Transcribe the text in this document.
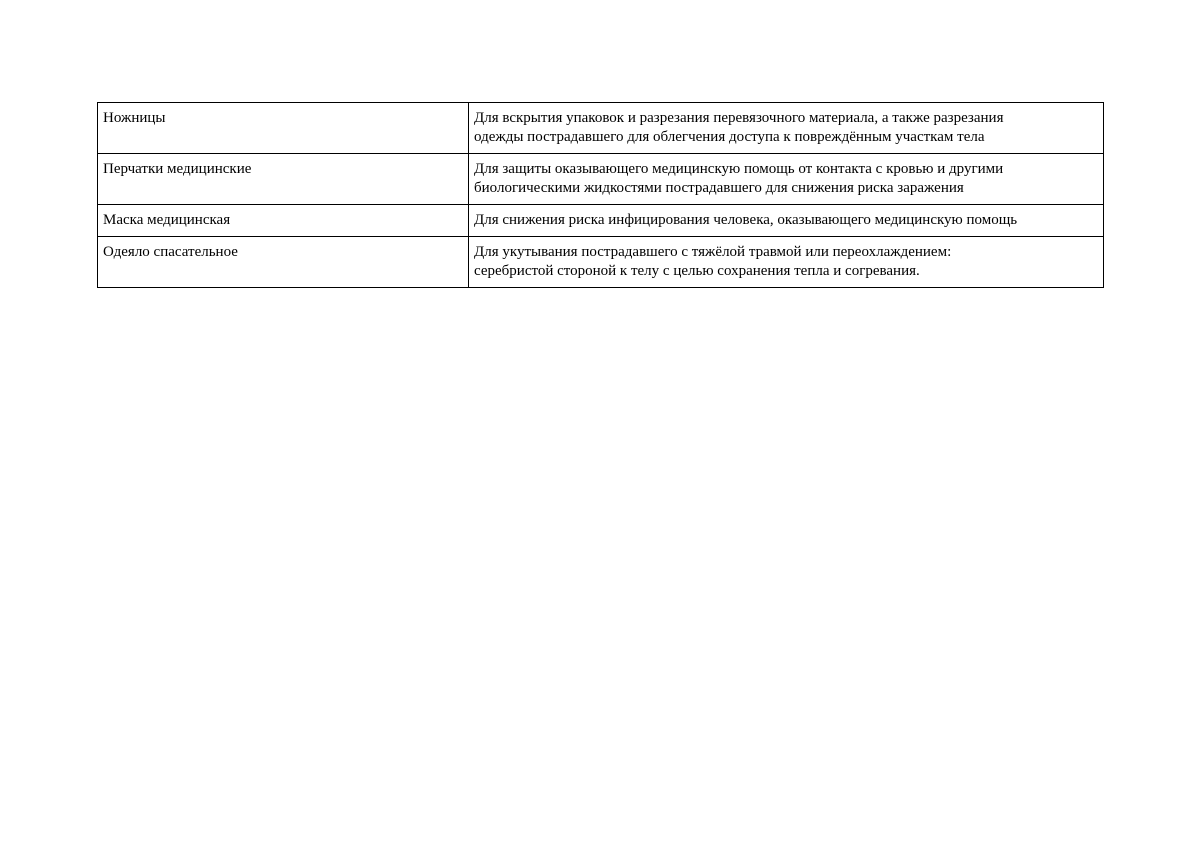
Ножницы	Для вскрытия упаковок и разрезания перевязочного материала, а также разрезания
одежды пострадавшего для облегчения доступа к повреждённым участкам тела
Перчатки медицинские	Для защиты оказывающего медицинскую помощь от контакта с кровью и другими
биологическими жидкостями пострадавшего для снижения риска заражения
Маска медицинская	Для снижения риска инфицирования человека, оказывающего медицинскую помощь
Одеяло спасательное	Для укутывания пострадавшего с тяжёлой травмой или переохлаждением:
серебристой стороной к телу с целью сохранения тепла и согревания.
